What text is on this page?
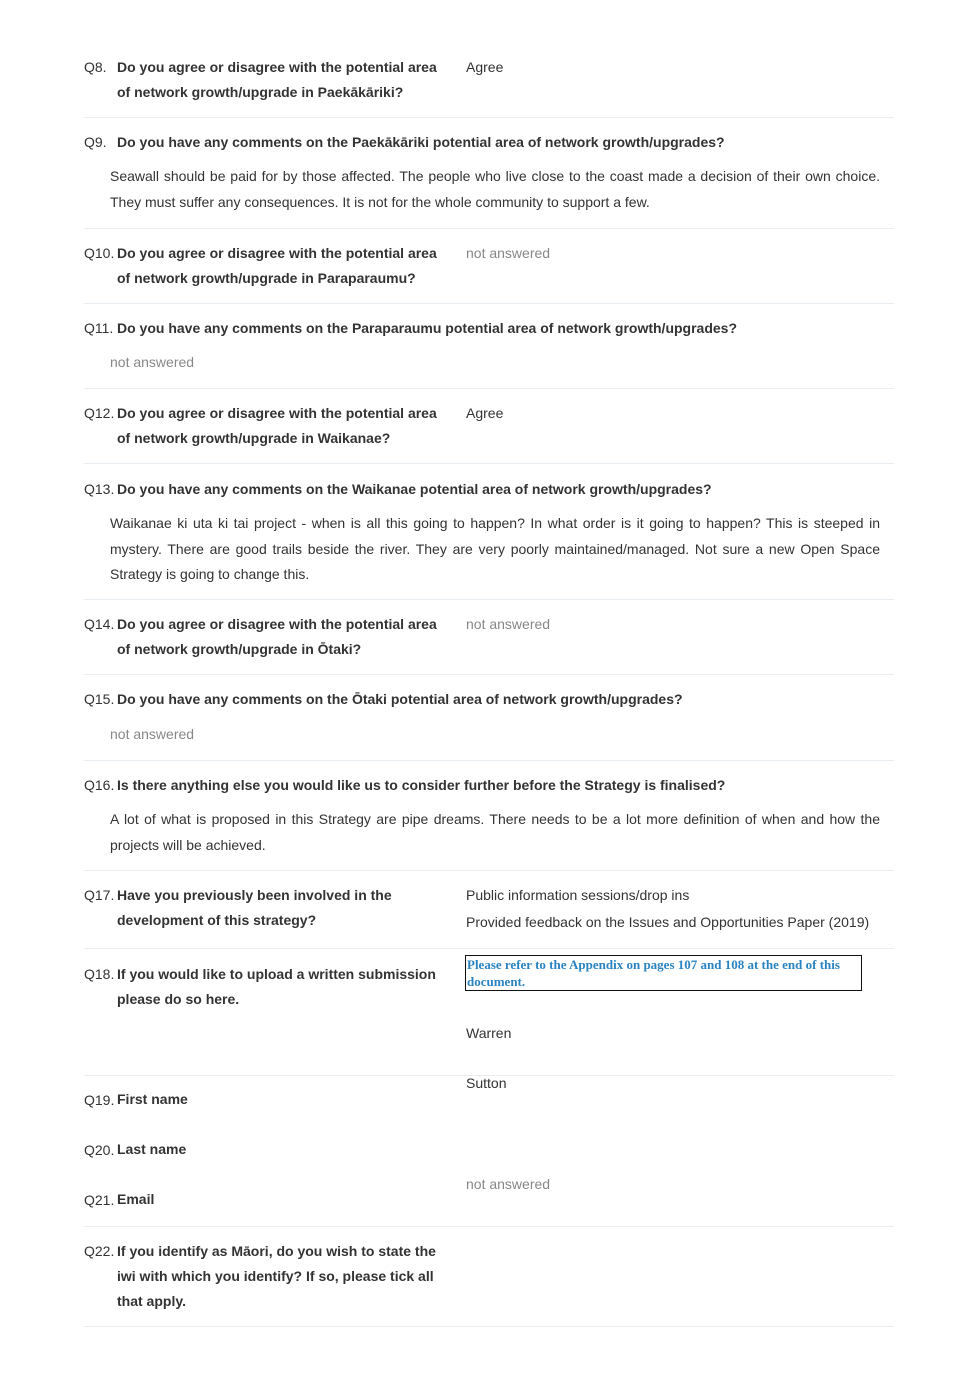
Q8. Do you agree or disagree with the potential area
of network growth/upgrade in Paekākāriki?
Agree
Q9. Do you have any comments on the Paekākāriki potential area of network growth/upgrades?
Seawall should be paid for by those affected. The people who live close to the coast made a decision of their own choice. They must suffer any consequences. It is not for the whole community to support a few.
Q10. Do you agree or disagree with the potential area
of network growth/upgrade in Paraparaumu?
not answered
Q11. Do you have any comments on the Paraparaumu potential area of network growth/upgrades?
not answered
Q12. Do you agree or disagree with the potential area
of network growth/upgrade in Waikanae?
Agree
Q13. Do you have any comments on the Waikanae potential area of network growth/upgrades?
Waikanae ki uta ki tai project - when is all this going to happen? In what order is it going to happen? This is steeped in mystery. There are good trails beside the river. They are very poorly maintained/managed. Not sure a new Open Space Strategy is going to change this.
Q14. Do you agree or disagree with the potential area
of network growth/upgrade in Ōtaki?
not answered
Q15. Do you have any comments on the Ōtaki potential area of network growth/upgrades?
not answered
Q16. Is there anything else you would like us to consider further before the Strategy is finalised?
A lot of what is proposed in this Strategy are pipe dreams. There needs to be a lot more definition of when and how the projects will be achieved.
Q17. Have you previously been involved in the
development of this strategy?
Public information sessions/drop ins
Provided feedback on the Issues and Opportunities Paper (2019)
Q18. If you would like to upload a written submission
please do so here.
Please refer to the Appendix on pages 107 and 108 at the end of this
document.
Warren
Sutton
Q19. First name
Q20. Last name
not answered
Q21. Email
Q22. If you identify as Māori, do you wish to state the
iwi with which you identify? If so, please tick all
that apply.
